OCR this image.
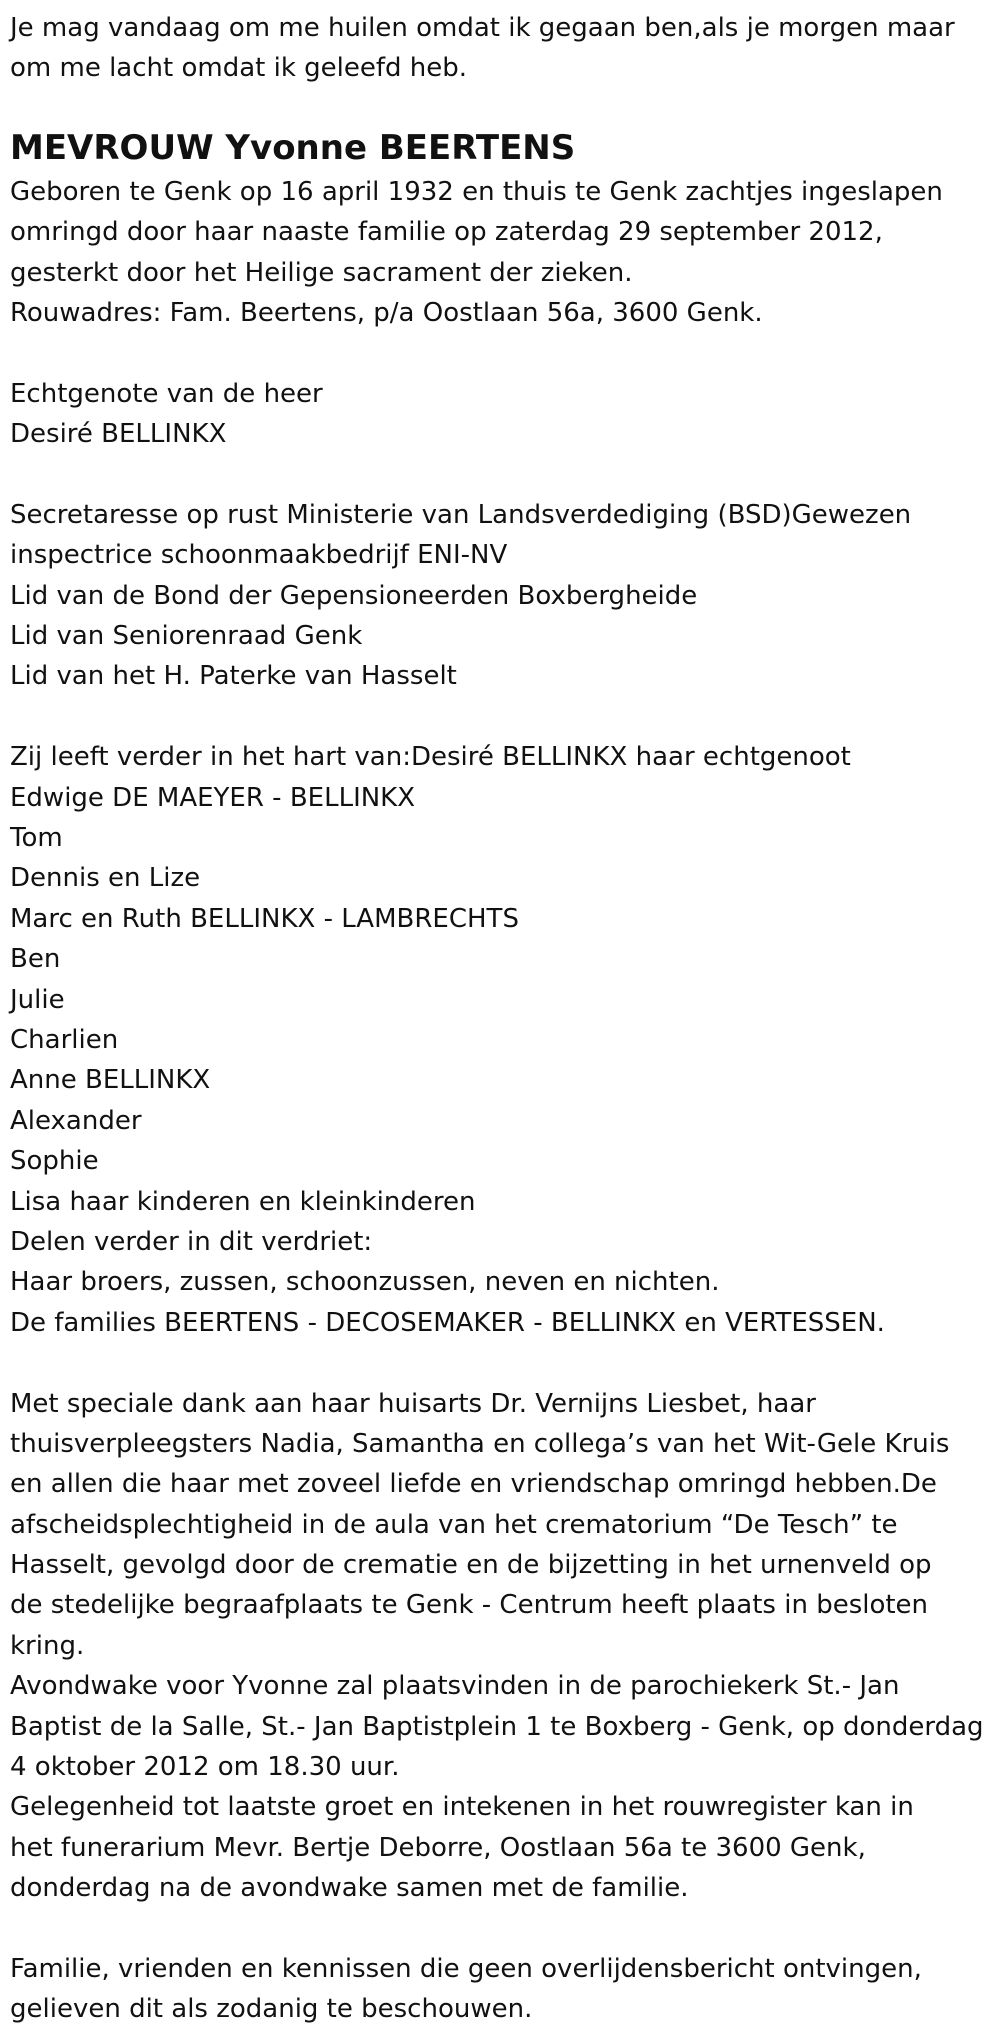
Je mag vandaag om me huilen omdat ik gegaan ben,als je morgen maar
om me lacht omdat ik geleefd heb.
MEVROUW Yvonne BEERTENS
Geboren te Genk op 16 april 1932 en thuis te Genk zachtjes ingeslapen
omringd door haar naaste familie op zaterdag 29 september 2012,
gesterkt door het Heilige sacrament der zieken.
Rouwadres: Fam. Beertens, p/a Oostlaan 56a, 3600 Genk.
Echtgenote van de heer
Desiré BELLINKX
Secretaresse op rust Ministerie van Landsverdediging (BSD)Gewezen
inspectrice schoonmaakbedrijf ENI-NV
Lid van de Bond der Gepensioneerden Boxbergheide
Lid van Seniorenraad Genk
Lid van het H. Paterke van Hasselt
Zij leeft verder in het hart van:Desiré BELLINKX haar echtgenoot
Edwige DE MAEYER - BELLINKX
Tom
Dennis en Lize
Marc en Ruth BELLINKX - LAMBRECHTS
Ben
Julie
Charlien
Anne BELLINKX
Alexander
Sophie
Lisa haar kinderen en kleinkinderen
Delen verder in dit verdriet:
Haar broers, zussen, schoonzussen, neven en nichten.
De families BEERTENS - DECOSEMAKER - BELLINKX en VERTESSEN.
Met speciale dank aan haar huisarts Dr. Vernijns Liesbet, haar
thuisverpleegsters Nadia, Samantha en collega’s van het Wit-Gele Kruis
en allen die haar met zoveel liefde en vriendschap omringd hebben.De
afscheidsplechtigheid in de aula van het crematorium “De Tesch” te
Hasselt, gevolgd door de crematie en de bijzetting in het urnenveld op
de stedelijke begraafplaats te Genk - Centrum heeft plaats in besloten
kring.
Avondwake voor Yvonne zal plaatsvinden in de parochiekerk St.- Jan
Baptist de la Salle, St.- Jan Baptistplein 1 te Boxberg - Genk, op donderdag
4 oktober 2012 om 18.30 uur.
Gelegenheid tot laatste groet en intekenen in het rouwregister kan in
het funerarium Mevr. Bertje Deborre, Oostlaan 56a te 3600 Genk,
donderdag na de avondwake samen met de familie.
Familie, vrienden en kennissen die geen overlijdensbericht ontvingen,
gelieven dit als zodanig te beschouwen.
